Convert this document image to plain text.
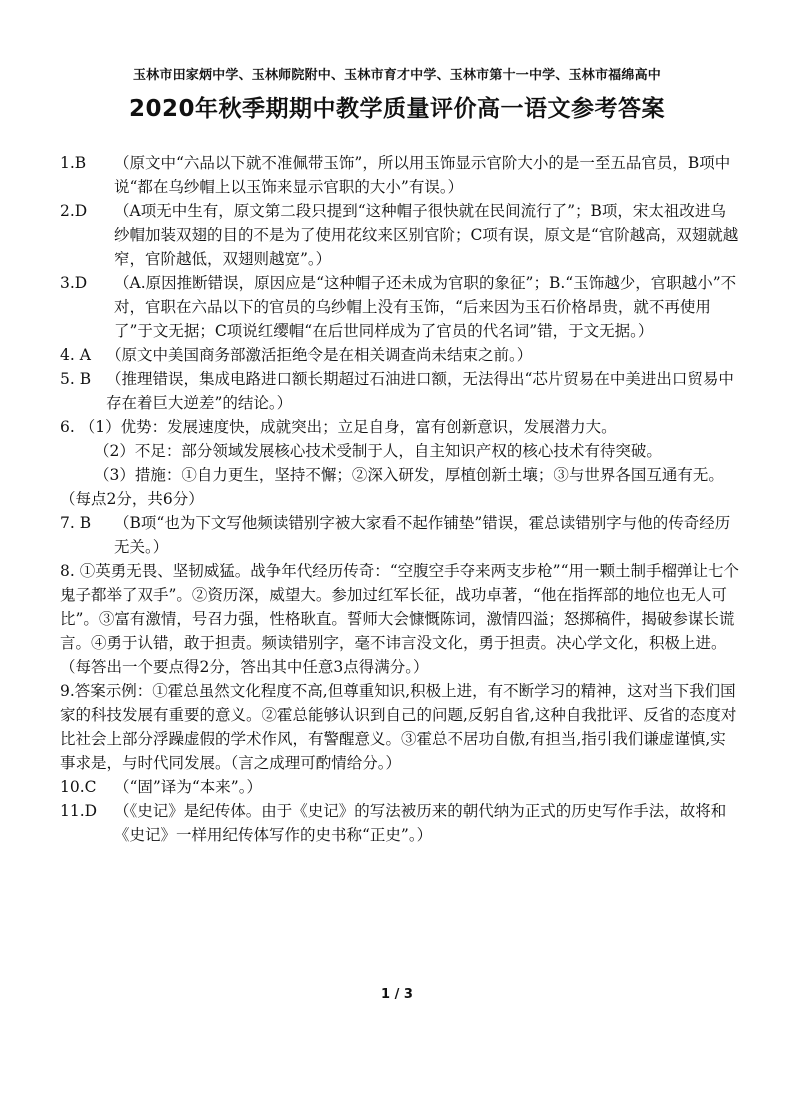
玉林市田家炳中学、玉林师院附中、玉林市育才中学、玉林市第十一中学、玉林市福绵高中
2020年秋季期期中教学质量评价高一语文参考答案
1.B	（原文中“六品以下就不准佩带玉饰”，所以用玉饰显示官阶大小的是一至五品官员，B项中说“都在乌纱帽上以玉饰来显示官职的大小”有误。）
2.D	（A项无中生有，原文第二段只提到“这种帽子很快就在民间流行了”；B项，宋太祖改进乌纱帽加装双翅的目的不是为了使用花纹来区别官阶；C项有误，原文是“官阶越高，双翅就越窄，官阶越低，双翅则越宽”。）
3.D	（A.原因推断错误，原因应是“这种帽子还未成为官职的象征”；B.“玉饰越少，官职越小”不对，官职在六品以下的官员的乌纱帽上没有玉饰，“后来因为玉石价格昂贵，就不再使用了”于文无据；C项说红缨帽“在后世同样成为了官员的代名词”错，于文无据。）
4. A （原文中美国商务部激活拒绝令是在相关调查尚未结束之前。）
5. B （推理错误，集成电路进口额长期超过石油进口额，无法得出“芯片贸易在中美进出口贸易中存在着巨大逆差”的结论。）
6. （1）优势：发展速度快，成就突出；立足自身，富有创新意识，发展潜力大。
（2）不足：部分领域发展核心技术受制于人，自主知识产权的核心技术有待突破。
（3）措施：①自力更生，坚持不懈；②深入研发，厚植创新土壤；③与世界各国互通有无。（每点2分，共6分）
7. B	（B项“也为下文写他频读错别字被大家看不起作铺垫”错误，霍总读错别字与他的传奇经历无关。）
8. ①英勇无畏、坚韧威猛。战争年代经历传奇：“空腹空手夺来两支步枪”“用一颗土制手榴弹让七个鬼子都举了双手”。②资历深，威望大。参加过红军长征，战功卓著，“他在指挥部的地位也无人可比”。③富有激情，号召力强，性格耿直。誓师大会慷慨陈词，激情四溢；怒掷稿件，揭破参谋长谎言。④勇于认错，敢于担责。频读错别字，毫不讳言没文化，勇于担责。决心学文化，积极上进。（每答出一个要点得2分，答出其中任意3点得满分。）
9.答案示例：①霍总虽然文化程度不高,但尊重知识,积极上进，有不断学习的精神，这对当下我们国家的科技发展有重要的意义。②霍总能够认识到自己的问题,反躬自省,这种自我批评、反省的态度对比社会上部分浮躁虚假的学术作风，有警醒意义。③霍总不居功自傲,有担当,指引我们谦虚谨慎,实事求是，与时代同发展。（言之成理可酌情给分。）
10.C	（“固”译为“本来”。）
11.D	（《史记》是纪传体。由于《史记》的写法被历来的朝代纳为正式的历史写作手法，故将和《史记》一样用纪传体写作的史书称“正史”。）
1 / 3
